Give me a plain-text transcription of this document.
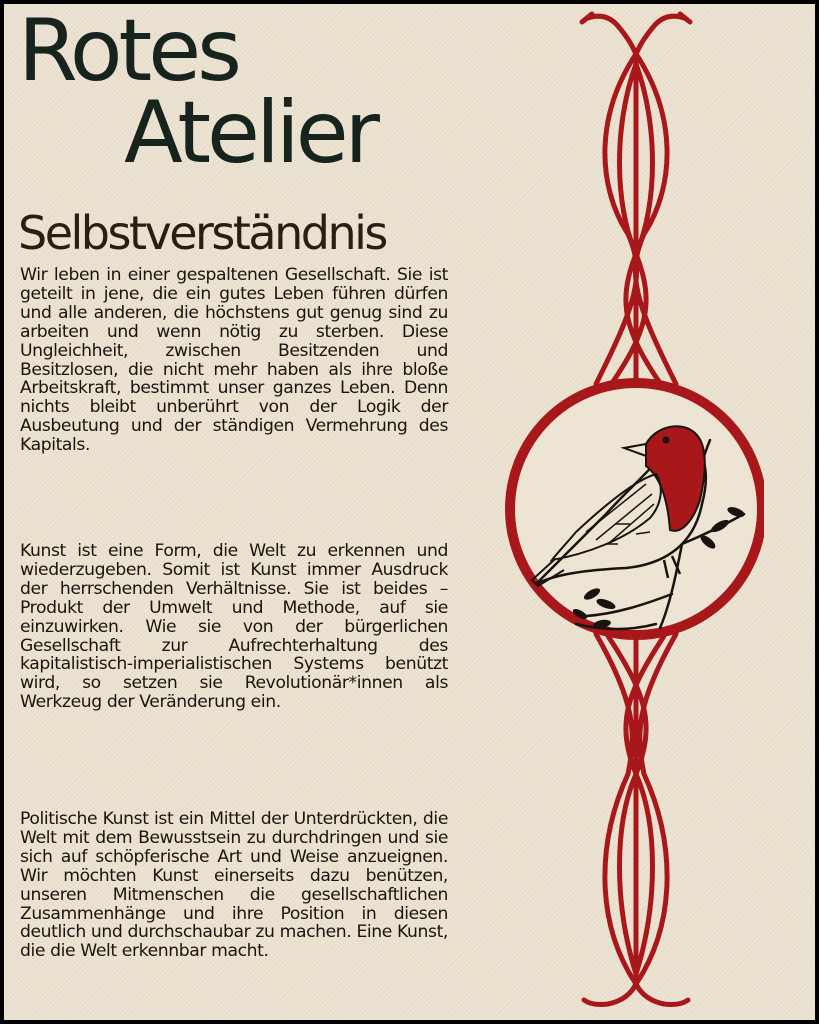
Rotes
Atelier
Selbstverständnis

Wir leben in einer gespaltenen Gesellschaft. Sie ist geteilt in jene, die ein gutes Leben führen dürfen und alle anderen, die höchstens gut genug sind zu arbeiten und wenn nötig zu sterben. Diese Ungleichheit, zwischen Besitzenden und Besitzlosen, die nicht mehr haben als ihre bloße Arbeitskraft, bestimmt unser ganzes Leben. Denn nichts bleibt unberührt von der Logik der Ausbeutung und der ständigen Vermehrung des Kapitals.

Kunst ist eine Form, die Welt zu erkennen und wiederzugeben. Somit ist Kunst immer Ausdruck der herrschenden Verhältnisse. Sie ist beides – Produkt der Umwelt und Methode, auf sie einzuwirken. Wie sie von der bürgerlichen Gesellschaft zur Aufrechterhaltung des kapitalistisch-imperialistischen Systems benützt wird, so setzen sie Revolutionär*innen als Werkzeug der Veränderung ein.

Politische Kunst ist ein Mittel der Unterdrückten, die Welt mit dem Bewusstsein zu durchdringen und sie sich auf schöpferische Art und Weise anzueignen. Wir möchten Kunst einerseits dazu benützen, unseren Mitmenschen die gesellschaftlichen Zusammenhänge und ihre Position in diesen deutlich und durchschaubar zu machen. Eine Kunst, die die Welt erkennbar macht.
